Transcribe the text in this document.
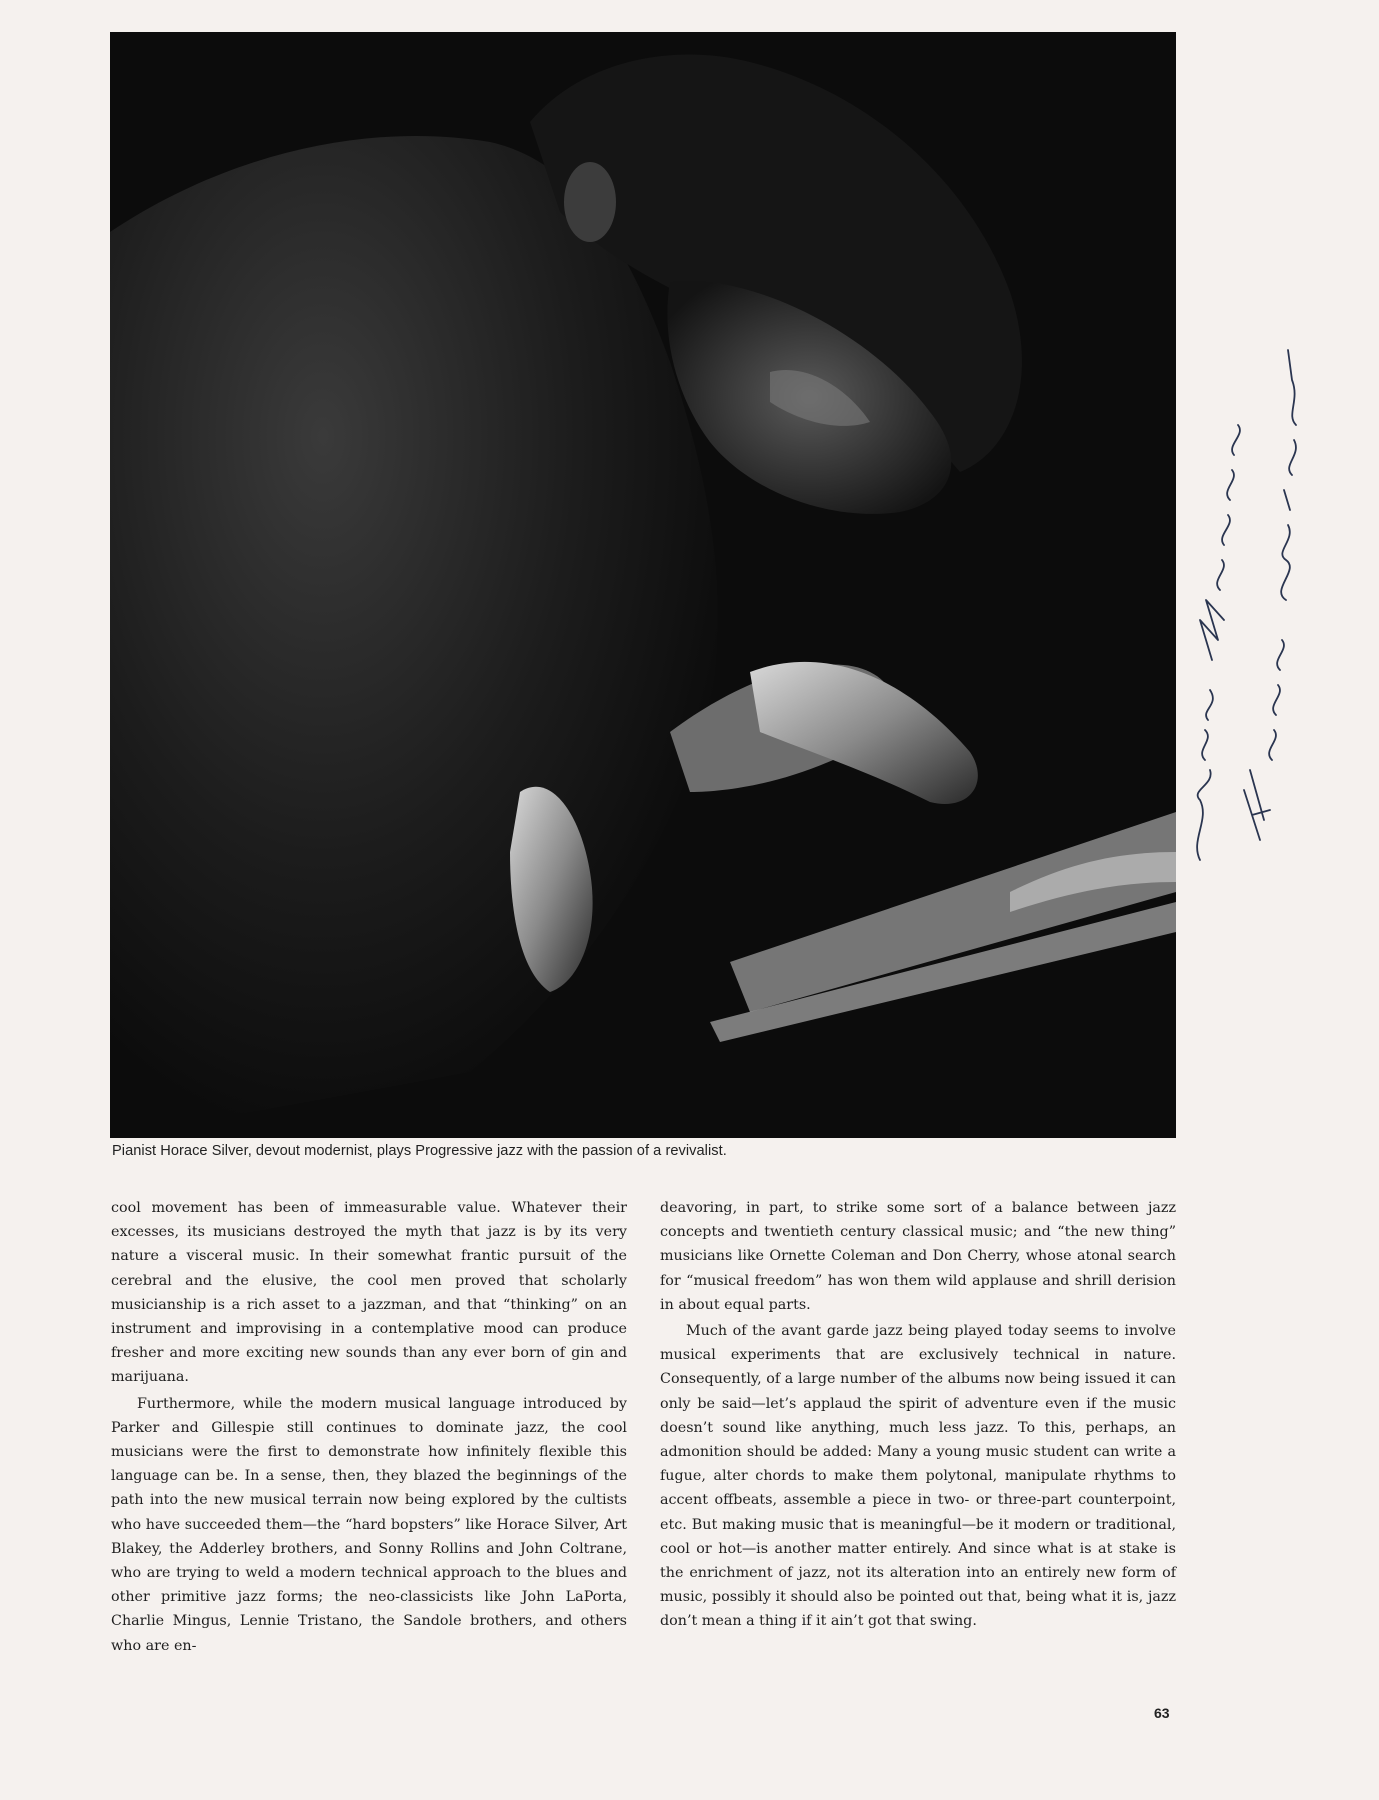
Pianist Horace Silver, devout modernist, plays Progressive jazz with the passion of a revivalist.

cool movement has been of immeasurable value. Whatever their excesses, its musicians destroyed the myth that jazz is by its very nature a visceral music. In their somewhat frantic pursuit of the cerebral and the elusive, the cool men proved that scholarly musicianship is a rich asset to a jazzman, and that “thinking” on an instrument and improvising in a contemplative mood can produce fresher and more exciting new sounds than any ever born of gin and marijuana.

Furthermore, while the modern musical language introduced by Parker and Gillespie still continues to dominate jazz, the cool musicians were the first to demonstrate how infinitely flexible this language can be. In a sense, then, they blazed the beginnings of the path into the new musical terrain now being explored by the cultists who have succeeded them—the “hard bopsters” like Horace Silver, Art Blakey, the Adderley brothers, and Sonny Rollins and John Coltrane, who are trying to weld a modern technical approach to the blues and other primitive jazz forms; the neo-classicists like John LaPorta, Charlie Mingus, Lennie Tristano, the Sandole brothers, and others who are en-

deavoring, in part, to strike some sort of a balance between jazz concepts and twentieth century classical music; and “the new thing” musicians like Ornette Coleman and Don Cherry, whose atonal search for “musical freedom” has won them wild applause and shrill derision in about equal parts.

Much of the avant garde jazz being played today seems to involve musical experiments that are exclusively technical in nature. Consequently, of a large number of the albums now being issued it can only be said—let’s applaud the spirit of adventure even if the music doesn’t sound like anything, much less jazz. To this, perhaps, an admonition should be added: Many a young music student can write a fugue, alter chords to make them polytonal, manipulate rhythms to accent offbeats, assemble a piece in two- or three-part counterpoint, etc. But making music that is meaningful—be it modern or traditional, cool or hot—is another matter entirely. And since what is at stake is the enrichment of jazz, not its alteration into an entirely new form of music, possibly it should also be pointed out that, being what it is, jazz don’t mean a thing if it ain’t got that swing.

63
